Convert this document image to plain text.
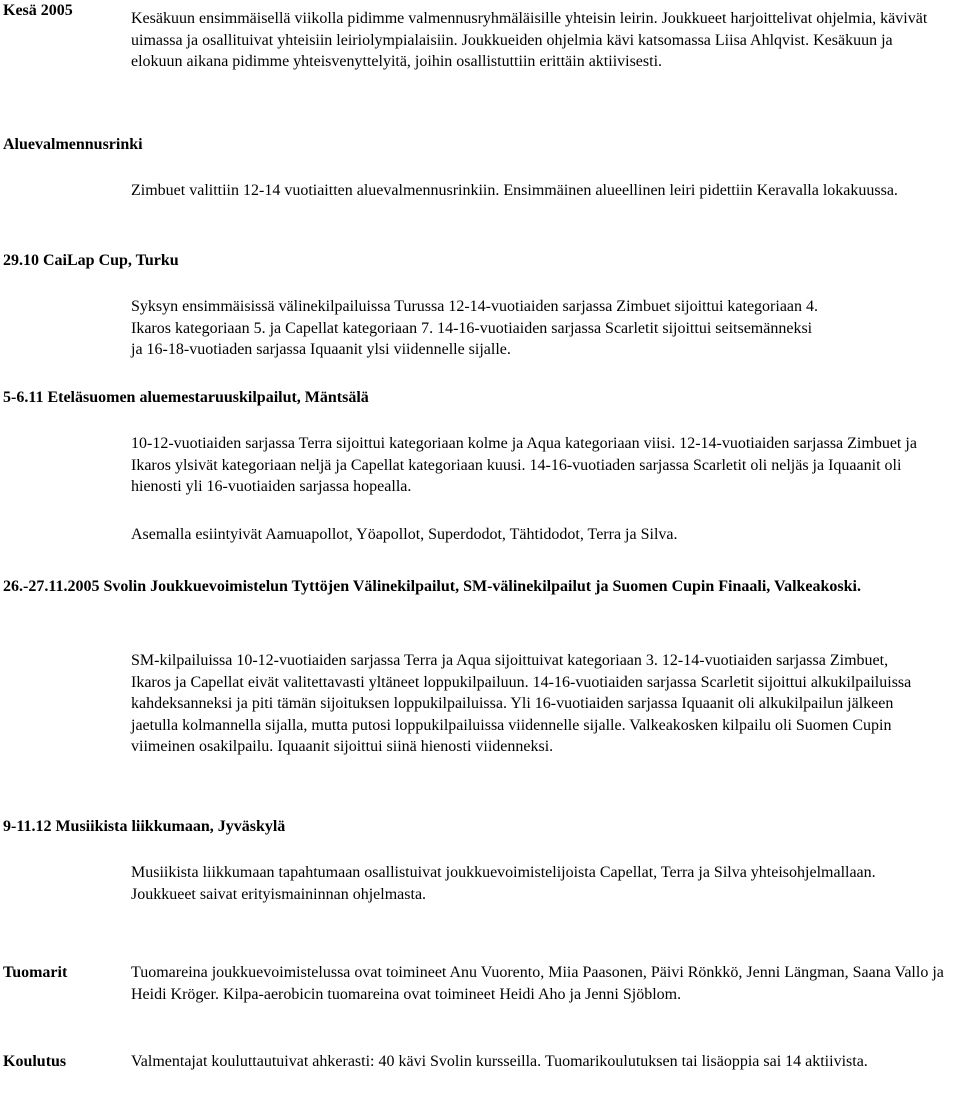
Kesä 2005	Kesäkuun ensimmäisellä viikolla pidimme valmennusryhmäläisille yhteisin leirin. Joukkueet harjoittelivat ohjelmia, kävivät uimassa ja osallituivat yhteisiin leiriolympialaisiin. Joukkueiden ohjelmia kävi katsomassa Liisa Ahlqvist. Kesäkuun ja elokuun aikana pidimme yhteisvenyttelyitä, joihin osallistuttiin erittäin aktiivisesti.

Aluevalmennusrinki

Zimbuet valittiin 12-14 vuotiaitten aluevalmennusrinkiin. Ensimmäinen alueellinen leiri pidettiin Keravalla lokakuussa.

29.10 CaiLap Cup, Turku

Syksyn ensimmäisissä välinekilpailuissa Turussa 12-14-vuotiaiden sarjassa Zimbuet sijoittui kategoriaan 4. Ikaros kategoriaan 5. ja Capellat kategoriaan 7. 14-16-vuotiaiden sarjassa Scarletit sijoittui seitsemänneksi ja 16-18-vuotiaden sarjassa Iquaanit ylsi viidennelle sijalle.

5-6.11 Eteläsuomen aluemestaruuskilpailut, Mäntsälä

10-12-vuotiaiden sarjassa Terra sijoittui kategoriaan kolme ja Aqua kategoriaan viisi. 12-14-vuotiaiden sarjassa Zimbuet ja Ikaros ylsivät kategoriaan neljä ja Capellat kategoriaan kuusi. 14-16-vuotiaden sarjassa Scarletit oli neljäs ja Iquaanit oli hienosti yli 16-vuotiaiden sarjassa hopealla.

Asemalla esiintyivät Aamuapollot, Yöapollot, Superdodot, Tähtidodot, Terra ja Silva.

26.-27.11.2005 Svolin Joukkuevoimistelun Tyttöjen Välinekilpailut, SM-välinekilpailut ja Suomen Cupin Finaali, Valkeakoski.

SM-kilpailuissa 10-12-vuotiaiden sarjassa Terra ja Aqua sijoittuivat kategoriaan 3. 12-14-vuotiaiden sarjassa Zimbuet, Ikaros ja Capellat eivät valitettavasti yltäneet loppukilpailuun. 14-16-vuotiaiden sarjassa Scarletit sijoittui alkukilpailuissa kahdeksanneksi ja piti tämän sijoituksen loppukilpailuissa. Yli 16-vuotiaiden sarjassa Iquaanit oli alkukilpailun jälkeen jaetulla kolmannella sijalla, mutta putosi loppukilpailuissa viidennelle sijalle. Valkeakosken kilpailu oli Suomen Cupin viimeinen osakilpailu. Iquaanit sijoittui siinä hienosti viidenneksi.

9-11.12 Musiikista liikkumaan, Jyväskylä

Musiikista liikkumaan tapahtumaan osallistuivat joukkuevoimistelijoista Capellat, Terra ja Silva yhteisohjelmallaan. Joukkueet saivat erityismaininnan ohjelmasta.

Tuomarit	Tuomareina joukkuevoimistelussa ovat toimineet Anu Vuorento, Miia Paasonen, Päivi Rönkkö, Jenni Längman, Saana Vallo ja Heidi Kröger. Kilpa-aerobicin tuomareina ovat toimineet Heidi Aho ja Jenni Sjöblom.

Koulutus	Valmentajat kouluttautuivat ahkerasti: 40 kävi Svolin kursseilla. Tuomarikoulutuksen tai lisäoppia sai 14 aktiivista.
